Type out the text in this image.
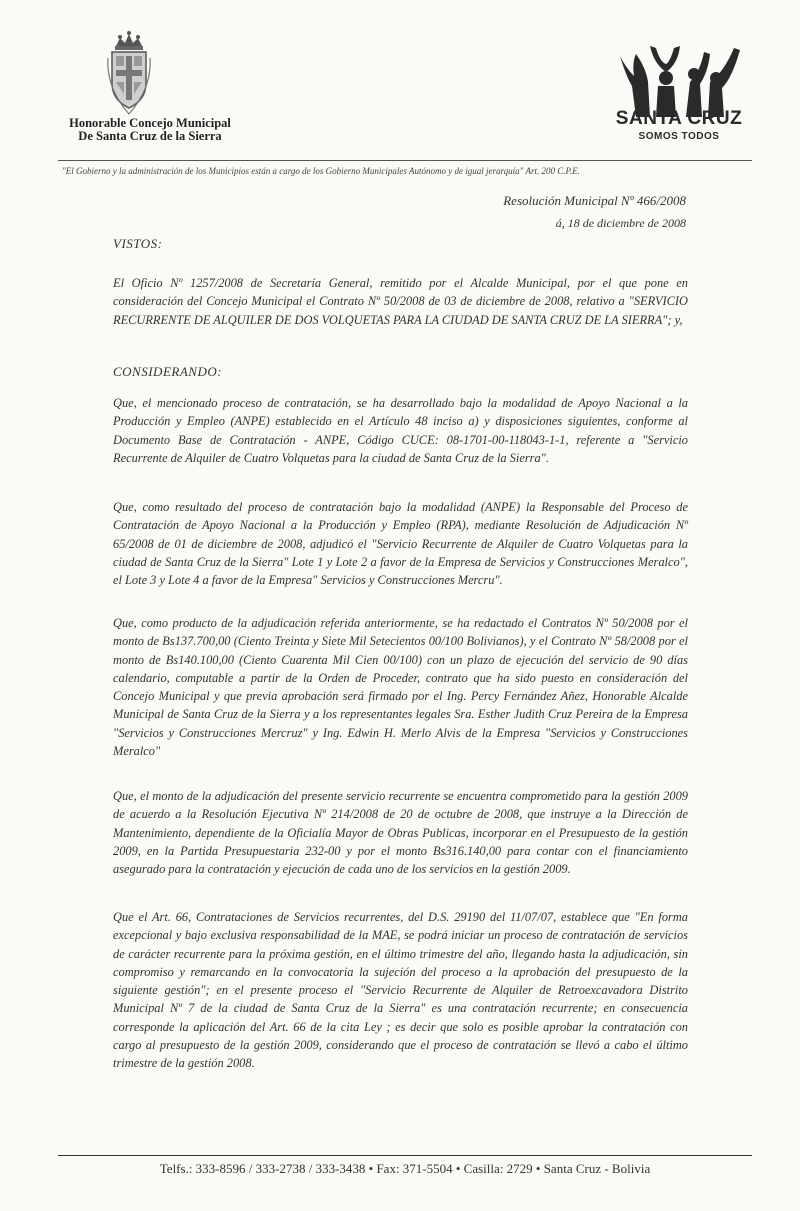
Honorable Concejo Municipal
De Santa Cruz de la Sierra
SANTA CRUZ
SOMOS TODOS
"El Gobierno y la administración de los Municipios están a cargo de los Gobierno Municipales Autónomo y de igual jerarquía" Art. 200 C.P.E.
Resolución Municipal Nº 466/2008
á, 18 de diciembre de 2008
VISTOS:

El Oficio Nº 1257/2008 de Secretaría General, remitido por el Alcalde Municipal, por el que pone en consideración del Concejo Municipal el Contrato Nº 50/2008 de 03 de diciembre de 2008, relativo a "SERVICIO RECURRENTE DE ALQUILER DE DOS VOLQUETAS PARA LA CIUDAD DE SANTA CRUZ DE LA SIERRA"; y,

CONSIDERANDO:

Que, el mencionado proceso de contratación, se ha desarrollado bajo la modalidad de Apoyo Nacional a la Producción y Empleo (ANPE) establecido en el Artículo 48 inciso a) y disposiciones siguientes, conforme al Documento Base de Contratación - ANPE, Código CUCE: 08-1701-00-118043-1-1, referente a "Servicio Recurrente de Alquiler de Cuatro Volquetas para la ciudad de Santa Cruz de la Sierra".

Que, como resultado del proceso de contratación bajo la modalidad (ANPE) la Responsable del Proceso de Contratación de Apoyo Nacional a la Producción y Empleo (RPA), mediante Resolución de Adjudicación Nº 65/2008 de 01 de diciembre de 2008, adjudicó el "Servicio Recurrente de Alquiler de Cuatro Volquetas para la ciudad de Santa Cruz de la Sierra" Lote 1 y Lote 2 a favor de la Empresa de Servicios y Construcciones Meralco", el Lote 3 y Lote 4 a favor de la Empresa" Servicios y Construcciones Mercru".

Que, como producto de la adjudicación referida anteriormente, se ha redactado el Contratos Nº 50/2008 por el monto de Bs137.700,00 (Ciento Treinta y Siete Mil Setecientos 00/100 Bolivianos), y el Contrato Nº 58/2008 por el monto de Bs140.100,00 (Ciento Cuarenta Mil Cien 00/100) con un plazo de ejecución del servicio de 90 días calendario, computable a partir de la Orden de Proceder, contrato que ha sido puesto en consideración del Concejo Municipal y que previa aprobación será firmado por el Ing. Percy Fernández Añez, Honorable Alcalde Municipal de Santa Cruz de la Sierra y a los representantes legales Sra. Esther Judith Cruz Pereira de la Empresa "Servicios y Construcciones Mercruz" y Ing. Edwin H. Merlo Alvis de la Empresa "Servicios y Construcciones Meralco"

Que, el monto de la adjudicación del presente servicio recurrente se encuentra comprometido para la gestión 2009 de acuerdo a la Resolución Ejecutiva Nº 214/2008 de 20 de octubre de 2008, que instruye a la Dirección de Mantenimiento, dependiente de la Oficialía Mayor de Obras Publicas, incorporar en el Presupuesto de la gestión 2009, en la Partida Presupuestaria 232-00 y por el monto Bs316.140,00 para contar con el financiamiento asegurado para la contratación y ejecución de cada uno de los servicios en la gestión 2009.

Que el Art. 66, Contrataciones de Servicios recurrentes, del D.S. 29190 del 11/07/07, establece que "En forma excepcional y bajo exclusiva responsabilidad de la MAE, se podrá iniciar un proceso de contratación de servicios de carácter recurrente para la próxima gestión, en el último trimestre del año, llegando hasta la adjudicación, sin compromiso y remarcando en la convocatoria la sujeción del proceso a la aprobación del presupuesto de la siguiente gestión"; en el presente proceso el "Servicio Recurrente de Alquiler de Retroexcavadora Distrito Municipal Nº 7 de la ciudad de Santa Cruz de la Sierra" es una contratación recurrente; en consecuencia corresponde la aplicación del Art. 66 de la cita Ley ; es decir que solo es posible aprobar la contratación con cargo al presupuesto de la gestión 2009, considerando que el proceso de contratación se llevó a cabo el último trimestre de la gestión 2008.

Telfs.: 333-8596 / 333-2738 / 333-3438 • Fax: 371-5504 • Casilla: 2729 • Santa Cruz - Bolivia
